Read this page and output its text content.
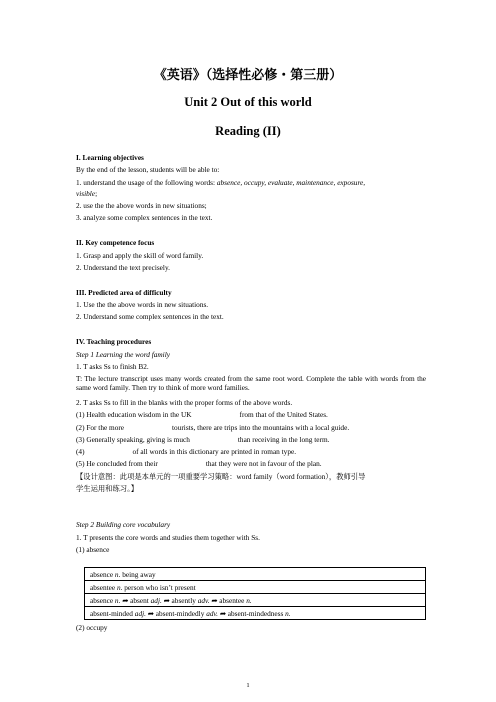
《英语》（选择性必修・第三册）
Unit 2 Out of this world
Reading (II)
I. Learning objectives
By the end of the lesson, students will be able to:
1. understand the usage of the following words: absence, occupy, evaluate, maintenance, exposure,
visible;
2. use the the above words in new situations;
3. analyze some complex sentences in the text.
II. Key competence focus
1. Grasp and apply the skill of word family.
2. Understand the text precisely.
III. Predicted area of difficulty
1. Use the the above words in new situations.
2. Understand some complex sentences in the text.
IV. Teaching procedures
Step 1 Learning the word family
1. T asks Ss to finish B2.
T: The lecture transcript uses many words created from the same root word. Complete the table with words from the same word family. Then try to think of more word families.
2. T asks Ss to fill in the blanks with the proper forms of the above words.
(1) Health education wisdom in the UK	from that of the United States.
(2) For the more	tourists, there are trips into the mountains with a local guide.
(3) Generally speaking, giving is much	than receiving in the long term.
(4)	of all words in this dictionary are printed in roman type.
(5) He concluded from their	that they were not in favour of the plan.
【设计意图：此项是本单元的一项重要学习策略：word family（word formation），教师引导
学生运用和练习。】
Step 2 Building core vocabulary
1. T presents the core words and studies them together with Ss.
(1) absence
absence n. being away
absentee n. person who isn’t present
absence n. ➦ absent adj. ➦ absently adv. ➦ absentee n.
absent-minded adj. ➦ absent-mindedly adv. ➦ absent-mindedness n.
(2) occupy
1
